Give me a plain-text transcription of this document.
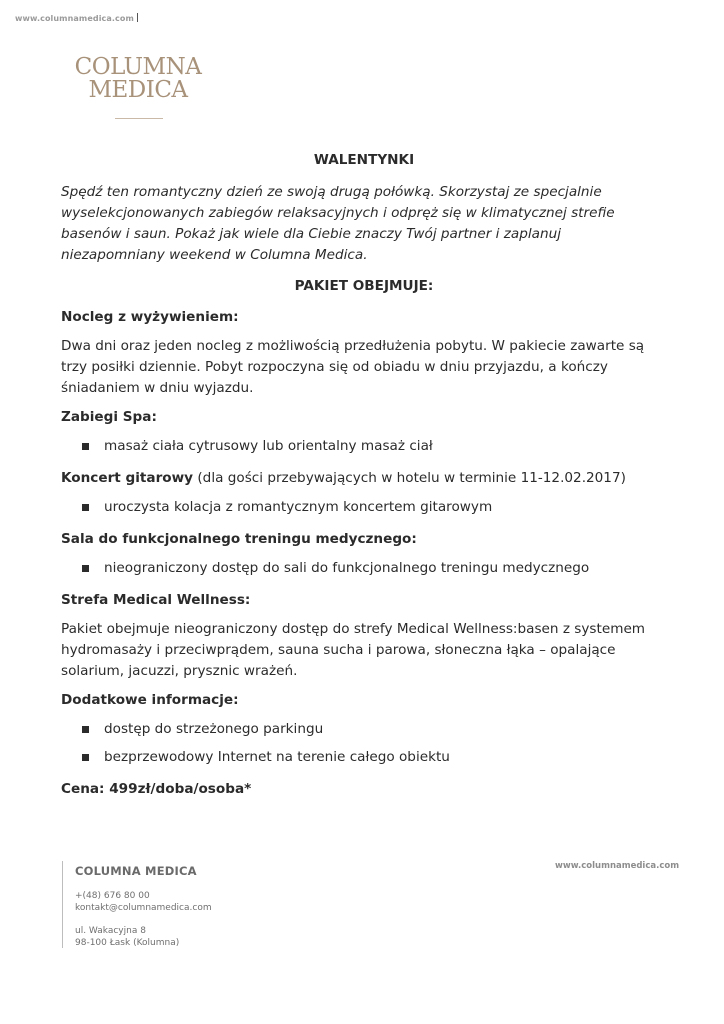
www.columnamedica.com
COLUMNA
MEDICA
WALENTYNKI
Spędź ten romantyczny dzień ze swoją drugą połówką. Skorzystaj ze specjalnie wyselekcjonowanych zabiegów relaksacyjnych i odpręż się w klimatycznej strefie basenów i saun. Pokaż jak wiele dla Ciebie znaczy Twój partner i zaplanuj niezapomniany weekend w Columna Medica.
PAKIET OBEJMUJE:
Nocleg z wyżywieniem:
Dwa dni oraz jeden nocleg z możliwością przedłużenia pobytu. W pakiecie zawarte są trzy posiłki dziennie. Pobyt rozpoczyna się od obiadu w dniu przyjazdu, a kończy śniadaniem w dniu wyjazdu.
Zabiegi Spa:
masaż ciała cytrusowy lub orientalny masaż ciał
Koncert gitarowy (dla gości przebywających w hotelu w terminie 11-12.02.2017)
uroczysta kolacja z romantycznym koncertem gitarowym
Sala do funkcjonalnego treningu medycznego:
nieograniczony dostęp do sali do funkcjonalnego treningu medycznego
Strefa Medical Wellness:
Pakiet obejmuje nieograniczony dostęp do strefy Medical Wellness:basen z systemem hydromasaży i przeciwprądem, sauna sucha i parowa, słoneczna łąka – opalające solarium, jacuzzi, prysznic wrażeń.
Dodatkowe informacje:
dostęp do strzeżonego parkingu
bezprzewodowy Internet na terenie całego obiektu
Cena: 499zł/doba/osoba*
COLUMNA MEDICA
+(48) 676 80 00
kontakt@columnamedica.com
ul. Wakacyjna 8
98-100 Łask (Kolumna)
www.columnamedica.com
